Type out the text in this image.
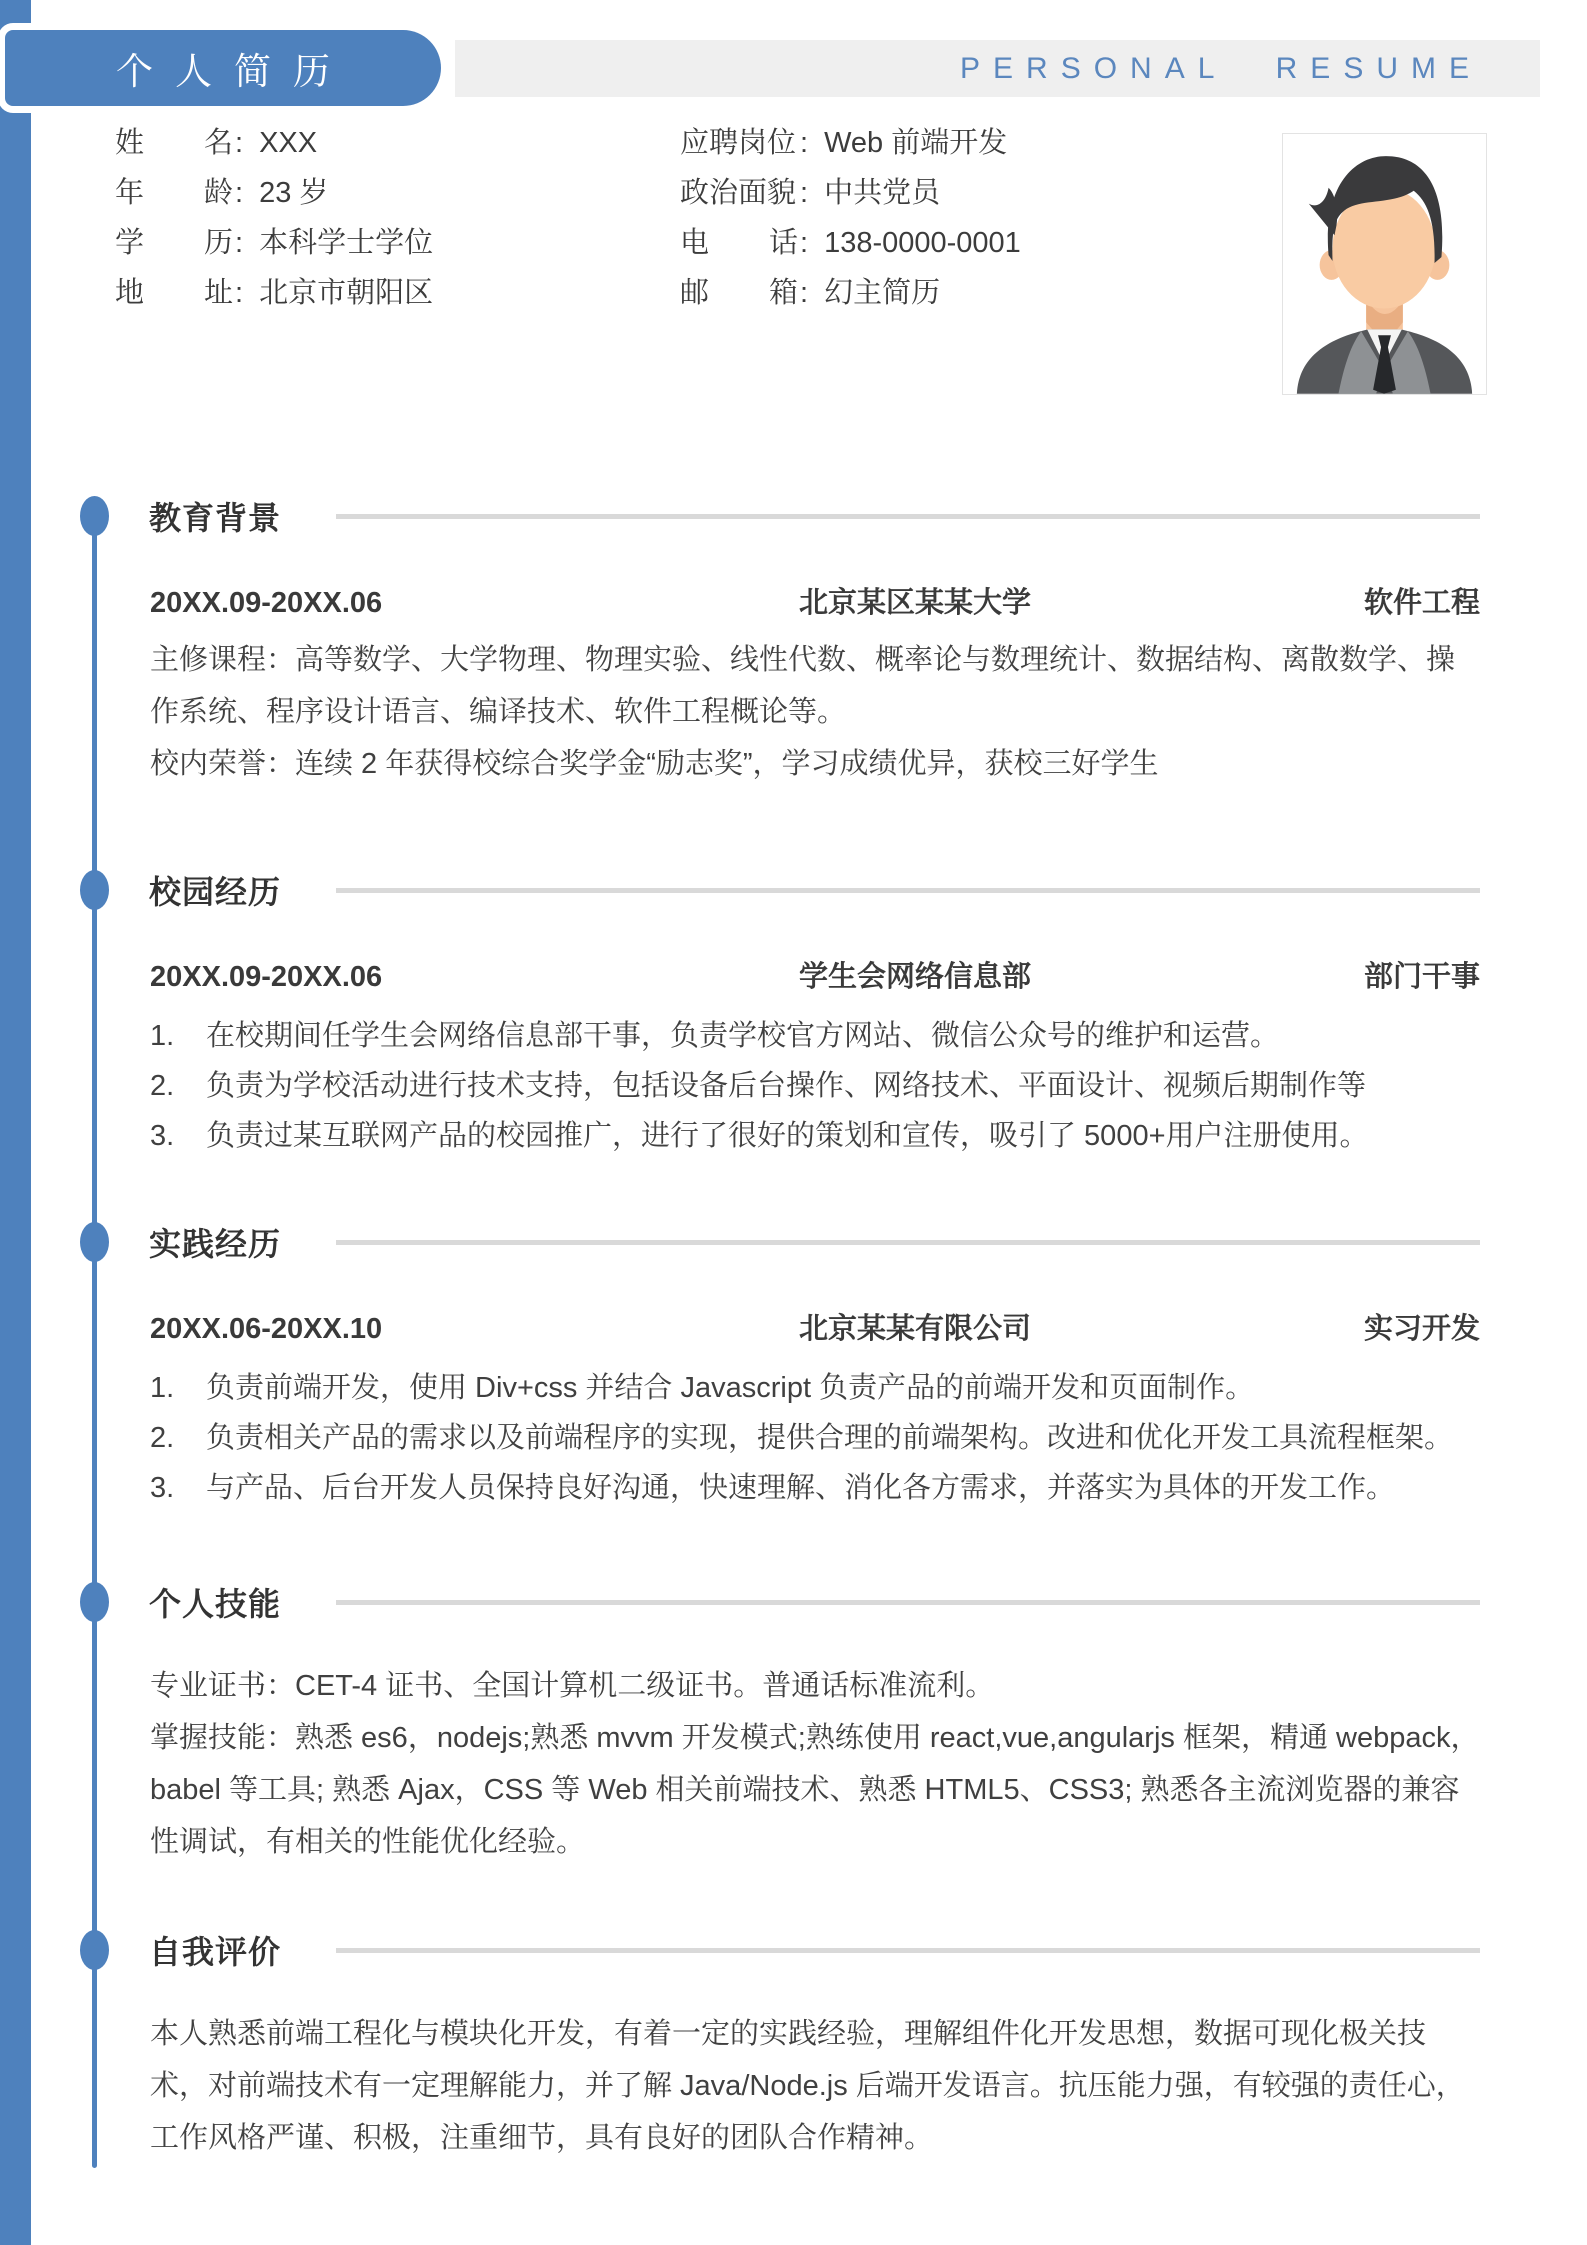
PERSONAL RESUME
个人简历
姓 名 : XXX
年 龄 : 23 岁
学 历 : 本科学士学位
地 址 : 北京市朝阳区
应聘岗位 : Web 前端开发
政治面貌 : 中共党员
电 话 : 138-0000-0001
邮 箱 : 幻主简历
教育背景
20XX.09-20XX.06	北京某区某某大学	软件工程

主修课程：高等数学、大学物理、物理实验、线性代数、概率论与数理统计、数据结构、离散数学、操作系统、程序设计语言、编译技术、软件工程概论等。

校内荣誉：连续 2 年获得校综合奖学金“励志奖”，学习成绩优异，获校三好学生

校园经历
20XX.09-20XX.06	学生会网络信息部	部门干事
1.	在校期间任学生会网络信息部干事，负责学校官方网站、微信公众号的维护和运营。
2.	负责为学校活动进行技术支持，包括设备后台操作、网络技术、平面设计、视频后期制作等
3.	负责过某互联网产品的校园推广，进行了很好的策划和宣传，吸引了 5000+用户注册使用。
实践经历
20XX.06-20XX.10	北京某某有限公司	实习开发
1.	负责前端开发，使用 Div+css 并结合 Javascript 负责产品的前端开发和页面制作。
2.	负责相关产品的需求以及前端程序的实现，提供合理的前端架构。改进和优化开发工具流程框架。
3.	与产品、后台开发人员保持良好沟通，快速理解、消化各方需求，并落实为具体的开发工作。
个人技能

专业证书：CET-4 证书、全国计算机二级证书。普通话标准流利。

掌握技能：熟悉 es6，nodejs;熟悉 mvvm 开发模式;熟练使用 react,vue,angularjs 框架，精通 webpack，babel 等工具; 熟悉 Ajax，CSS 等 Web 相关前端技术、熟悉 HTML5、CSS3; 熟悉各主流浏览器的兼容性调试，有相关的性能优化经验。

自我评价

本人熟悉前端工程化与模块化开发，有着一定的实践经验，理解组件化开发思想，数据可现化极关技术，对前端技术有一定理解能力，并了解 Java/Node.js 后端开发语言。抗压能力强，有较强的责任心，工作风格严谨、积极，注重细节，具有良好的团队合作精神。
